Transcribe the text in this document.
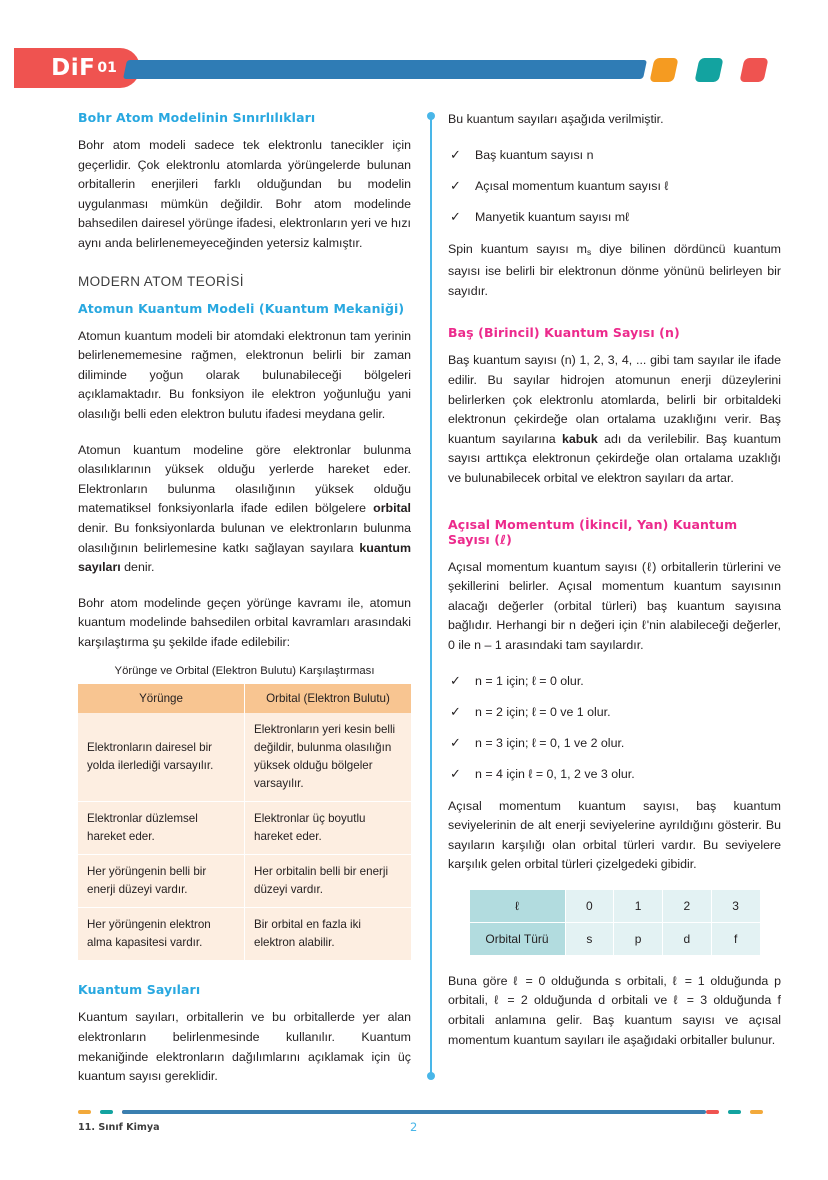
DiF 01
Bohr Atom Modelinin Sınırlılıkları

Bohr atom modeli sadece tek elektronlu tanecikler için geçerlidir. Çok elektronlu atomlarda yörüngelerde bulunan orbitallerin enerjileri farklı olduğundan bu modelin uygulanması mümkün değildir. Bohr atom modelinde bahsedilen dairesel yörünge ifadesi, elektronların yeri ve hızı aynı anda belirlenemeyeceğinden yetersiz kalmıştır.

MODERN ATOM TEORİSİ
Atomun Kuantum Modeli (Kuantum Mekaniği)

Atomun kuantum modeli bir atomdaki elektronun tam yerinin belirlenememesine rağmen, elektronun belirli bir zaman diliminde yoğun olarak bulunabileceği bölgeleri açıklamaktadır. Bu fonksiyon ile elektron yoğunluğu yani olasılığı belli eden elektron bulutu ifadesi meydana gelir.

Atomun kuantum modeline göre elektronlar bulunma olasılıklarının yüksek olduğu yerlerde hareket eder. Elektronların bulunma olasılığının yüksek olduğu matematiksel fonksiyonlarla ifade edilen bölgelere orbital denir. Bu fonksiyonlarda bulunan ve elektronların bulunma olasılığının belirlemesine katkı sağlayan sayılara kuantum sayıları denir.

Bohr atom modelinde geçen yörünge kavramı ile, atomun kuantum modelinde bahsedilen orbital kavramları arasındaki karşılaştırma şu şekilde ifade edilebilir:

Yörünge ve Orbital (Elektron Bulutu) Karşılaştırması
Yörünge	Orbital (Elektron Bulutu)
Elektronların dairesel bir yolda ilerlediği varsayılır.	Elektronların yeri kesin belli değildir, bulunma olasılığın yüksek olduğu bölgeler varsayılır.
Elektronlar düzlemsel hareket eder.	Elektronlar üç boyutlu hareket eder.
Her yörüngenin belli bir enerji düzeyi vardır.	Her orbitalin belli bir enerji düzeyi vardır.
Her yörüngenin elektron alma kapasitesi vardır.	Bir orbital en fazla iki elektron alabilir.
Kuantum Sayıları

Kuantum sayıları, orbitallerin ve bu orbitallerde yer alan elektronların belirlenmesinde kullanılır. Kuantum mekaniğinde elektronların dağılımlarını açıklamak için üç kuantum sayısı gereklidir.

Bu kuantum sayıları aşağıda verilmiştir.

✓ Baş kuantum sayısı n
✓ Açısal momentum kuantum sayısı ℓ
✓ Manyetik kuantum sayısı mℓ

Spin kuantum sayısı $m_s$ diye bilinen dördüncü kuantum sayısı ise belirli bir elektronun dönme yönünü belirleyen bir sayıdır.

Baş (Birincil) Kuantum Sayısı (n)

Baş kuantum sayısı (n) 1, 2, 3, 4, ... gibi tam sayılar ile ifade edilir. Bu sayılar hidrojen atomunun enerji düzeylerini belirlerken çok elektronlu atomlarda, belirli bir orbitaldeki elektronun çekirdeğe olan ortalama uzaklığını verir. Baş kuantum sayılarına kabuk adı da verilebilir. Baş kuantum sayısı arttıkça elektronun çekirdeğe olan ortalama uzaklığı ve bulunabilecek orbital ve elektron sayıları da artar.

Açısal Momentum (İkincil, Yan) Kuantum Sayısı (ℓ)

Açısal momentum kuantum sayısı (ℓ) orbitallerin türlerini ve şekillerini belirler. Açısal momentum kuantum sayısının alacağı değerler (orbital türleri) baş kuantum sayısına bağlıdır. Herhangi bir n değeri için ℓ'nin alabileceği değerler, 0 ile n – 1 arasındaki tam sayılardır.

✓ n = 1 için; ℓ = 0 olur.
✓ n = 2 için; ℓ = 0 ve 1 olur.
✓ n = 3 için; ℓ = 0, 1 ve 2 olur.
✓ n = 4 için ℓ = 0, 1, 2 ve 3 olur.

Açısal momentum kuantum sayısı, baş kuantum seviyelerinin de alt enerji seviyelerine ayrıldığını gösterir. Bu sayıların karşılığı olan orbital türleri vardır. Bu seviyelere karşılık gelen orbital türleri çizelgedeki gibidir.

ℓ	0	1	2	3
Orbital Türü	s	p	d	f

Buna göre ℓ = 0 olduğunda s orbitali, ℓ = 1 olduğunda p orbitali, ℓ = 2 olduğunda d orbitali ve ℓ = 3 olduğunda f orbitali anlamına gelir. Baş kuantum sayısı ve açısal momentum kuantum sayıları ile aşağıdaki orbitaller bulunur.

11. Sınıf Kimya	2
